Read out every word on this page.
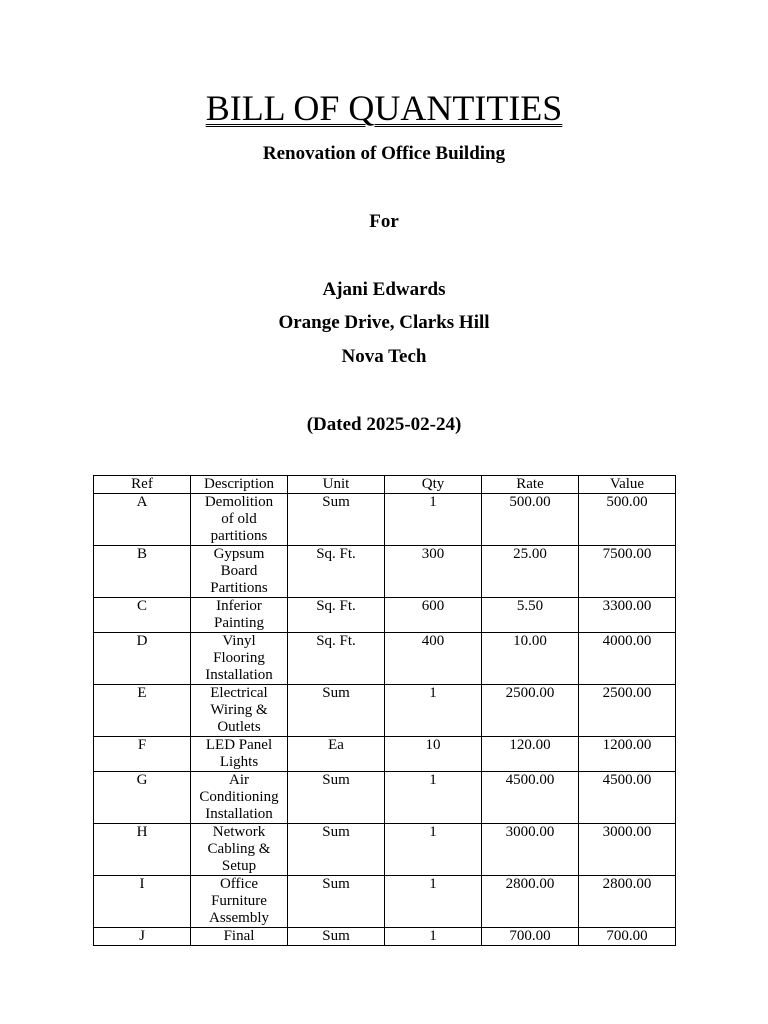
BILL OF QUANTITIES
Renovation of Office Building
For
Ajani Edwards
Orange Drive, Clarks Hill
Nova Tech
(Dated 2025-02-24)
Ref	Description	Unit	Qty	Rate	Value
A	Demolition of old partitions	Sum	1	500.00	500.00
B	Gypsum Board Partitions	Sq. Ft.	300	25.00	7500.00
C	Inferior Painting	Sq. Ft.	600	5.50	3300.00
D	Vinyl Flooring Installation	Sq. Ft.	400	10.00	4000.00
E	Electrical Wiring & Outlets	Sum	1	2500.00	2500.00
F	LED Panel Lights	Ea	10	120.00	1200.00
G	Air Conditioning Installation	Sum	1	4500.00	4500.00
H	Network Cabling & Setup	Sum	1	3000.00	3000.00
I	Office Furniture Assembly	Sum	1	2800.00	2800.00
J	Final	Sum	1	700.00	700.00
